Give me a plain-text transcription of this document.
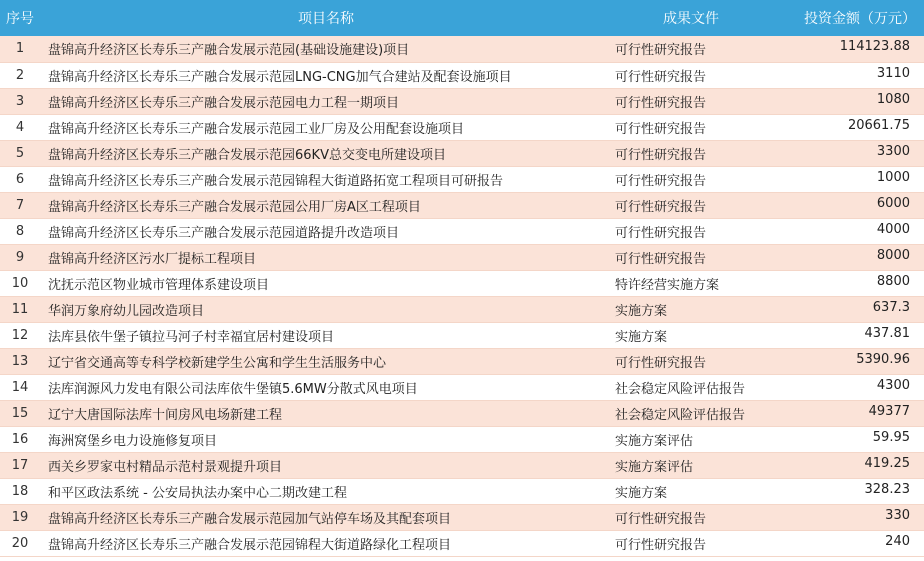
序号	项目名称	成果文件	投资金额（万元）
1	盘锦高升经济区长寿乐三产融合发展示范园(基础设施建设)项目	可行性研究报告	114123.88
2	盘锦高升经济区长寿乐三产融合发展示范园LNG-CNG加气合建站及配套设施项目	可行性研究报告	3110
3	盘锦高升经济区长寿乐三产融合发展示范园电力工程一期项目	可行性研究报告	1080
4	盘锦高升经济区长寿乐三产融合发展示范园工业厂房及公用配套设施项目	可行性研究报告	20661.75
5	盘锦高升经济区长寿乐三产融合发展示范园66KV总交变电所建设项目	可行性研究报告	3300
6	盘锦高升经济区长寿乐三产融合发展示范园锦程大街道路拓宽工程项目可研报告	可行性研究报告	1000
7	盘锦高升经济区长寿乐三产融合发展示范园公用厂房A区工程项目	可行性研究报告	6000
8	盘锦高升经济区长寿乐三产融合发展示范园道路提升改造项目	可行性研究报告	4000
9	盘锦高升经济区污水厂提标工程项目	可行性研究报告	8000
10	沈抚示范区物业城市管理体系建设项目	特许经营实施方案	8800
11	华润万象府幼儿园改造项目	实施方案	637.3
12	法库县依牛堡子镇拉马河子村幸福宜居村建设项目	实施方案	437.81
13	辽宁省交通高等专科学校新建学生公寓和学生生活服务中心	可行性研究报告	5390.96
14	法库润源风力发电有限公司法库依牛堡镇5.6MW分散式风电项目	社会稳定风险评估报告	4300
15	辽宁大唐国际法库十间房风电场新建工程	社会稳定风险评估报告	49377
16	海洲窝堡乡电力设施修复项目	实施方案评估	59.95
17	西关乡罗家屯村精品示范村景观提升项目	实施方案评估	419.25
18	和平区政法系统 - 公安局执法办案中心二期改建工程	实施方案	328.23
19	盘锦高升经济区长寿乐三产融合发展示范园加气站停车场及其配套项目	可行性研究报告	330
20	盘锦高升经济区长寿乐三产融合发展示范园锦程大街道路绿化工程项目	可行性研究报告	240
